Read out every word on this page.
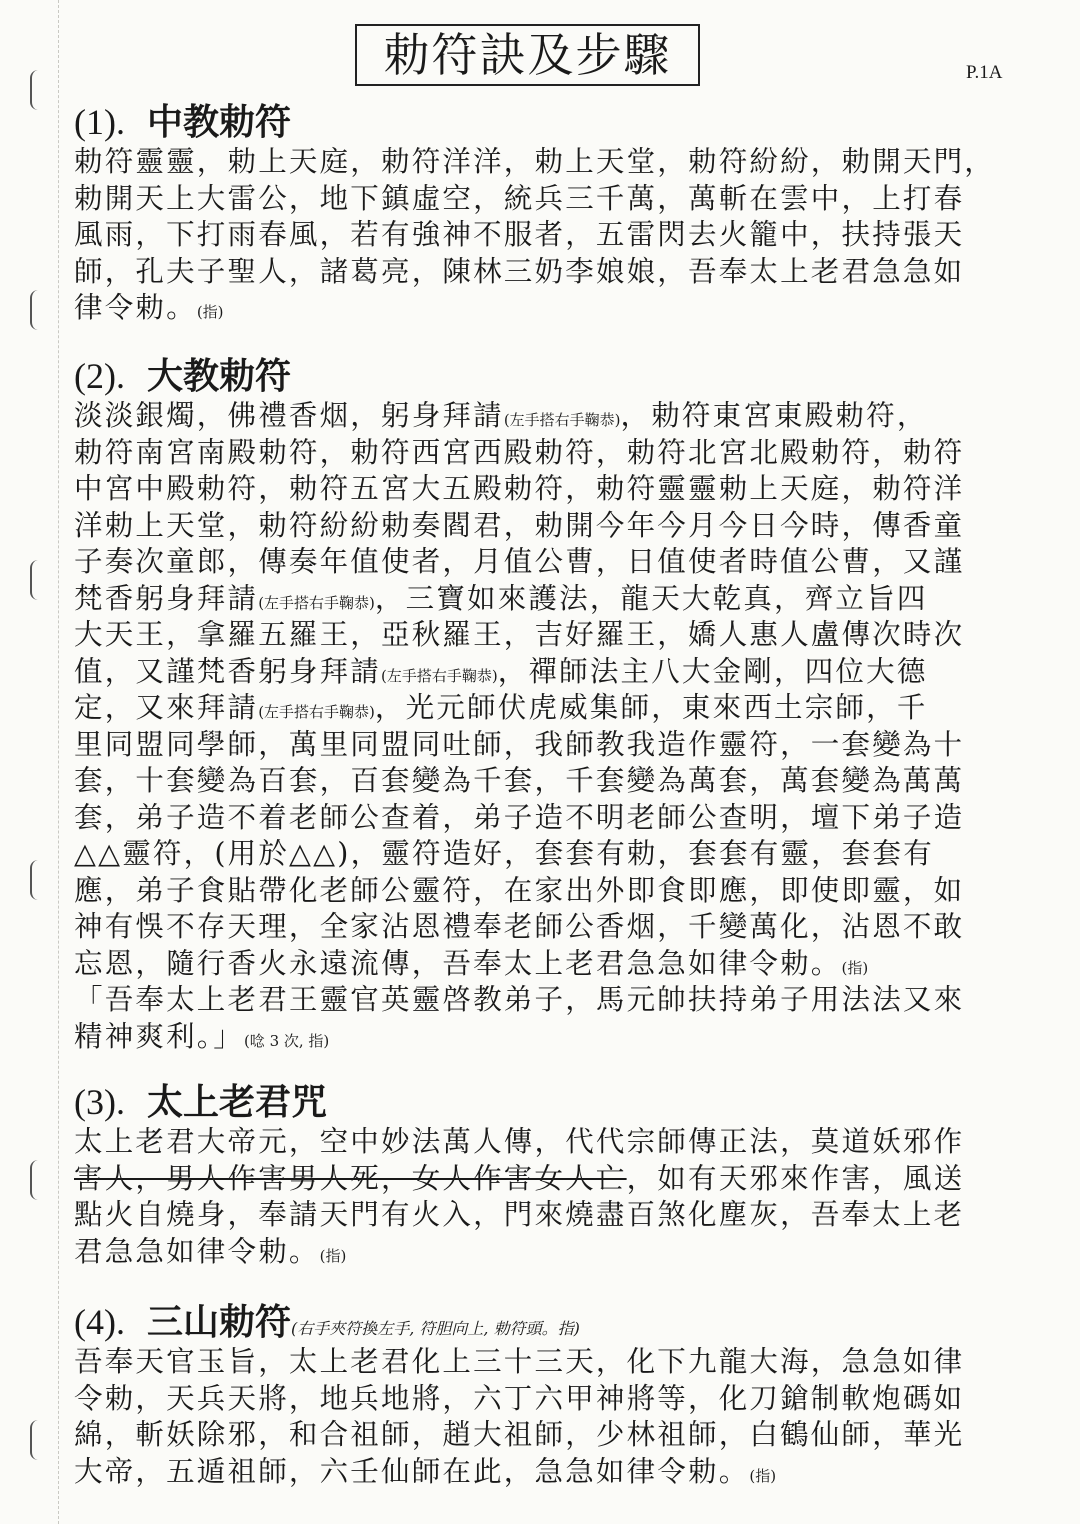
勅符訣及步驟	P.1A
(1). 中教勅符
勅符靈靈，勅上天庭，勅符洋洋，勅上天堂，勅符紛紛，勅開天門，
勅開天上大雷公，地下鎮虛空，統兵三千萬，萬斬在雲中，上打春
風雨，下打雨春風，若有強神不服者，五雷閃去火籠中，扶持張天
師，孔夫子聖人，諸葛亮，陳林三奶李娘娘，吾奉太上老君急急如
律令勅。(指)
(2). 大教勅符
淡淡銀燭，佛禮香烟，躬身拜請(左手搭右手鞠恭)，勅符東宮東殿勅符，
勅符南宮南殿勅符，勅符西宮西殿勅符，勅符北宮北殿勅符，勅符
中宮中殿勅符，勅符五宮大五殿勅符，勅符靈靈勅上天庭，勅符洋
洋勅上天堂，勅符紛紛勅奏閻君，勅開今年今月今日今時，傳香童
子奏次童郎，傳奏年值使者，月值公曹，日值使者時值公曹，又謹
梵香躬身拜請(左手搭右手鞠恭)，三寶如來護法，龍天大乾真，齊立旨四
大天王，拿羅五羅王，亞秋羅王，吉好羅王，嬌人惠人盧傳次時次
值，又謹梵香躬身拜請(左手搭右手鞠恭)，禪師法主八大金剛，四位大德
定，又來拜請(左手搭右手鞠恭)，光元師伏虎威集師，東來西土宗師，千
里同盟同學師，萬里同盟同吐師，我師教我造作靈符，一套變為十
套，十套變為百套，百套變為千套，千套變為萬套，萬套變為萬萬
套，弟子造不着老師公查着，弟子造不明老師公查明，壇下弟子造
△△靈符，(用於△△)，靈符造好，套套有勅，套套有靈，套套有
應，弟子食貼帶化老師公靈符，在家出外即食即應，即使即靈，如
神有悞不存天理，全家沾恩禮奉老師公香烟，千變萬化，沾恩不敢
忘恩，隨行香火永遠流傳，吾奉太上老君急急如律令勅。(指)
「吾奉太上老君王靈官英靈啓教弟子，馬元帥扶持弟子用法法又來
精神爽利。」(唸 3 次, 指)
(3). 太上老君咒
太上老君大帝元，空中妙法萬人傳，代代宗師傳正法，莫道妖邪作
害人，男人作害男人死，女人作害女人亡，如有天邪來作害，風送
點火自燒身，奉請天門有火入，門來燒盡百煞化塵灰，吾奉太上老
君急急如律令勅。(指)
(4). 三山勅符(右手夾符換左手, 符胆向上, 勅符頭。指)
吾奉天官玉旨，太上老君化上三十三天，化下九龍大海，急急如律
令勅，天兵天將，地兵地將，六丁六甲神將等，化刀鎗制軟炮碼如
綿，斬妖除邪，和合祖師，趙大祖師，少林祖師，白鶴仙師，華光
大帝，五遁祖師，六壬仙師在此，急急如律令勅。(指)
